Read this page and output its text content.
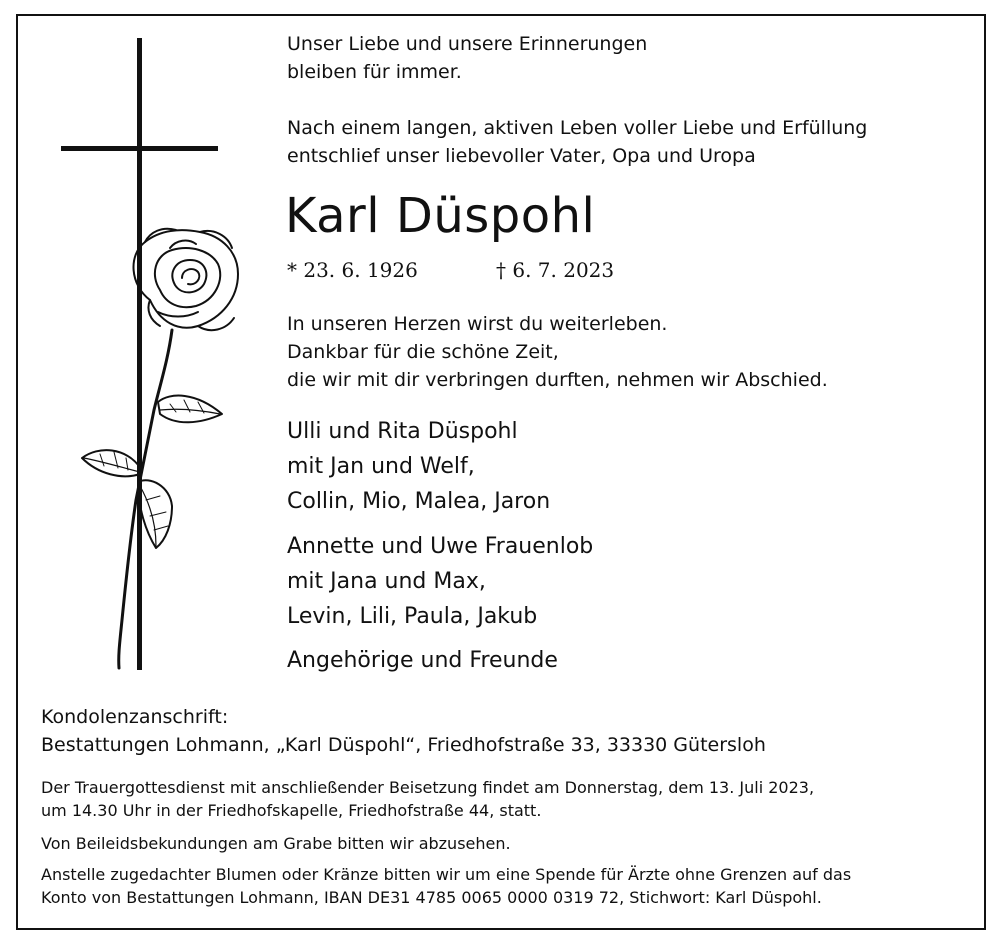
Unser Liebe und unsere Erinnerungen
bleiben für immer.
Nach einem langen, aktiven Leben voller Liebe und Erfüllung
entschlief unser liebevoller Vater, Opa und Uropa
Karl Düspohl
* 23. 6. 1926	† 6. 7. 2023
In unseren Herzen wirst du weiterleben.
Dankbar für die schöne Zeit,
die wir mit dir verbringen durften, nehmen wir Abschied.
Ulli und Rita Düspohl
mit Jan und Welf,
Collin, Mio, Malea, Jaron
Annette und Uwe Frauenlob
mit Jana und Max,
Levin, Lili, Paula, Jakub
Angehörige und Freunde
Kondolenzanschrift:
Bestattungen Lohmann, „Karl Düspohl“, Friedhofstraße 33, 33330 Gütersloh
Der Trauergottesdienst mit anschließender Beisetzung findet am Donnerstag, dem 13. Juli 2023,
um 14.30 Uhr in der Friedhofskapelle, Friedhofstraße 44, statt.
Von Beileidsbekundungen am Grabe bitten wir abzusehen.
Anstelle zugedachter Blumen oder Kränze bitten wir um eine Spende für Ärzte ohne Grenzen auf das
Konto von Bestattungen Lohmann, IBAN DE31 4785 0065 0000 0319 72, Stichwort: Karl Düspohl.
